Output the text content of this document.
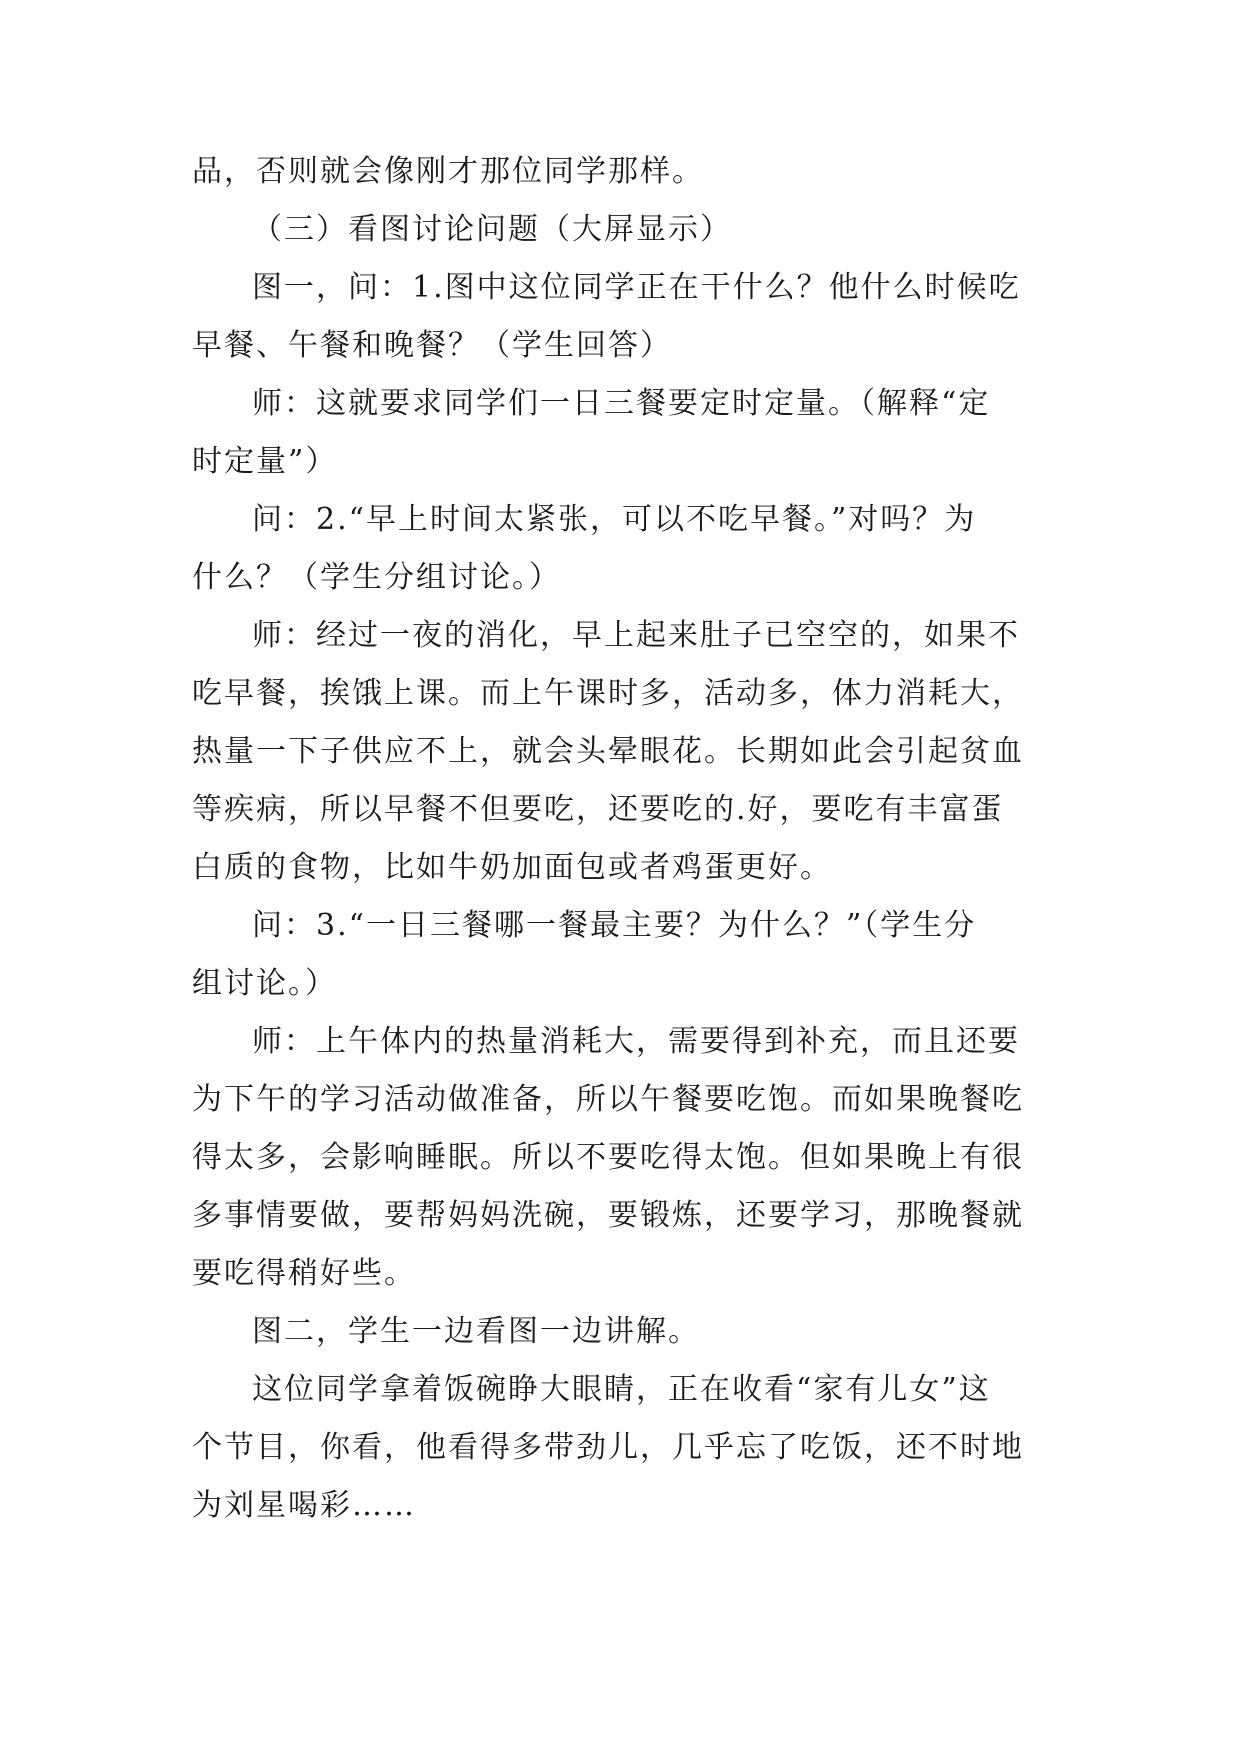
品，否则就会像刚才那位同学那样。
（三）看图讨论问题（大屏显示）
图一，问：1.图中这位同学正在干什么？他什么时候吃
早餐、午餐和晚餐？（学生回答）
师：这就要求同学们一日三餐要定时定量。（解释“定
时定量”）
问：2.“早上时间太紧张，可以不吃早餐。”对吗？为
什么？（学生分组讨论。）
师：经过一夜的消化，早上起来肚子已空空的，如果不
吃早餐，挨饿上课。而上午课时多，活动多，体力消耗大，
热量一下子供应不上，就会头晕眼花。长期如此会引起贫血
等疾病，所以早餐不但要吃，还要吃的.好，要吃有丰富蛋
白质的食物，比如牛奶加面包或者鸡蛋更好。
问：3.“一日三餐哪一餐最主要？为什么？”（学生分
组讨论。）
师：上午体内的热量消耗大，需要得到补充，而且还要
为下午的学习活动做准备，所以午餐要吃饱。而如果晚餐吃
得太多，会影响睡眠。所以不要吃得太饱。但如果晚上有很
多事情要做，要帮妈妈洗碗，要锻炼，还要学习，那晚餐就
要吃得稍好些。
图二，学生一边看图一边讲解。
这位同学拿着饭碗睁大眼睛，正在收看“家有儿女”这
个节目，你看，他看得多带劲儿，几乎忘了吃饭，还不时地
为刘星喝彩……
